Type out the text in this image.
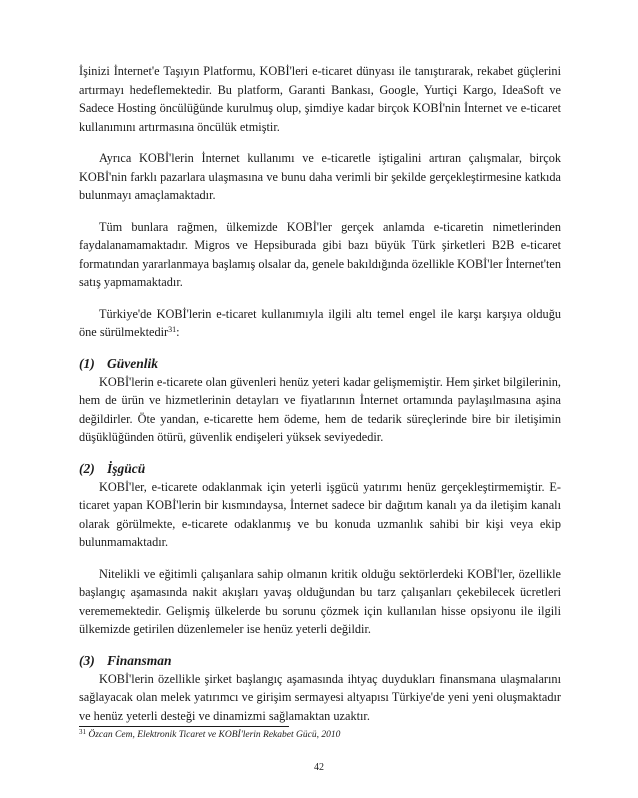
İşinizi İnternet'e Taşıyın Platformu, KOBİ'leri e-ticaret dünyası ile tanıştırarak, rekabet güçlerini artırmayı hedeflemektedir. Bu platform, Garanti Bankası, Google, Yurtiçi Kargo, IdeaSoft ve Sadece Hosting öncülüğünde kurulmuş olup, şimdiye kadar birçok KOBİ'nin İnternet ve e-ticaret kullanımını artırmasına öncülük etmiştir.

Ayrıca KOBİ'lerin İnternet kullanımı ve e-ticaretle iştigalini artıran çalışmalar, birçok KOBİ'nin farklı pazarlara ulaşmasına ve bunu daha verimli bir şekilde gerçekleştirmesine katkıda bulunmayı amaçlamaktadır.

Tüm bunlara rağmen, ülkemizde KOBİ'ler gerçek anlamda e-ticaretin nimetlerinden faydalanamamaktadır. Migros ve Hepsiburada gibi bazı büyük Türk şirketleri B2B e-ticaret formatından yararlanmaya başlamış olsalar da, genele bakıldığında özellikle KOBİ'ler İnternet'ten satış yapmamaktadır.

Türkiye'de KOBİ'lerin e-ticaret kullanımıyla ilgili altı temel engel ile karşı karşıya olduğu öne sürülmektedir$^{31}$:

(1) Güvenlik

KOBİ'lerin e-ticarete olan güvenleri henüz yeteri kadar gelişmemiştir. Hem şirket bilgilerinin, hem de ürün ve hizmetlerinin detayları ve fiyatlarının İnternet ortamında paylaşılmasına aşina değildirler. Öte yandan, e-ticarette hem ödeme, hem de tedarik süreçlerinde bire bir iletişimin düşüklüğünden ötürü, güvenlik endişeleri yüksek seviyededir.

(2) İşgücü

KOBİ'ler, e-ticarete odaklanmak için yeterli işgücü yatırımı henüz gerçekleştirmemiştir. E-ticaret yapan KOBİ'lerin bir kısmındaysa, İnternet sadece bir dağıtım kanalı ya da iletişim kanalı olarak görülmekte, e-ticarete odaklanmış ve bu konuda uzmanlık sahibi bir kişi veya ekip bulunmamaktadır.

Nitelikli ve eğitimli çalışanlara sahip olmanın kritik olduğu sektörlerdeki KOBİ'ler, özellikle başlangıç aşamasında nakit akışları yavaş olduğundan bu tarz çalışanları çekebilecek ücretleri verememektedir. Gelişmiş ülkelerde bu sorunu çözmek için kullanılan hisse opsiyonu ile ilgili ülkemizde getirilen düzenlemeler ise henüz yeterli değildir.

(3) Finansman

KOBİ'lerin özellikle şirket başlangıç aşamasında ihtyaç duydukları finansmana ulaşmalarını sağlayacak olan melek yatırımcı ve girişim sermayesi altyapısı Türkiye'de yeni yeni oluşmaktadır ve henüz yeterli desteği ve dinamizmi sağlamaktan uzaktır.

$^{31}$ Özcan Cem, Elektronik Ticaret ve KOBİ'lerin Rekabet Gücü, 2010
42
